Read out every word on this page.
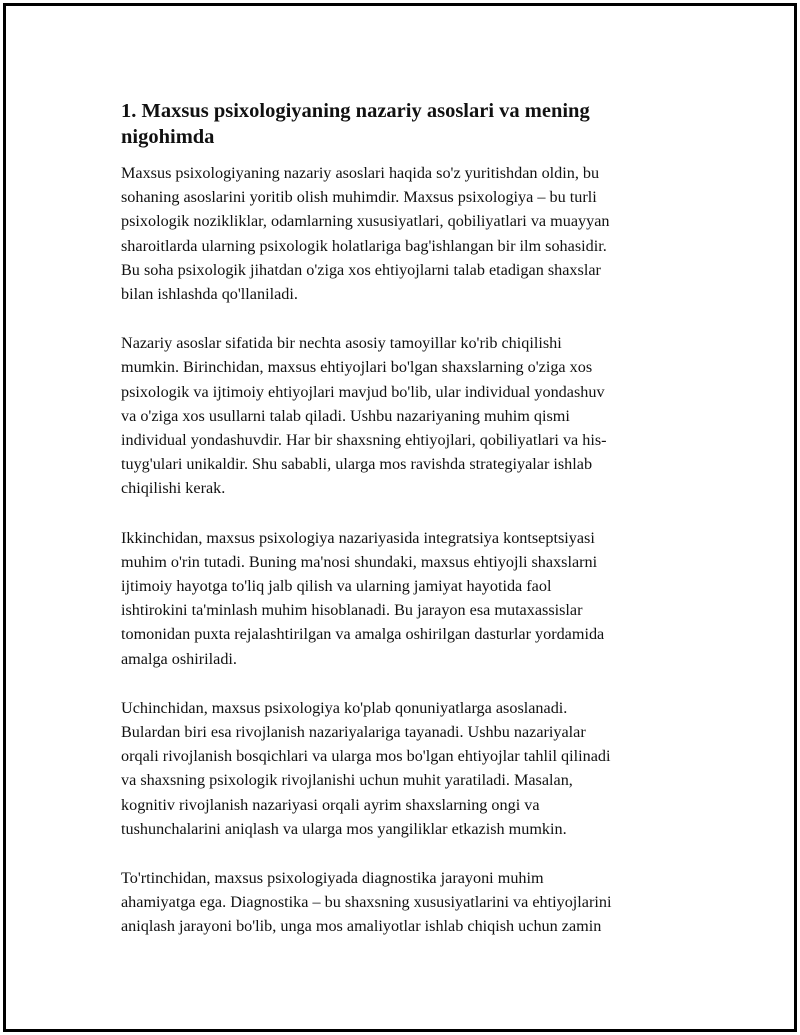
1. Maxsus psixologiyaning nazariy asoslari va mening
nigohimda

Maxsus psixologiyaning nazariy asoslari haqida so'z yuritishdan oldin, bu
sohaning asoslarini yoritib olish muhimdir. Maxsus psixologiya – bu turli
psixologik nozikliklar, odamlarning xususiyatlari, qobiliyatlari va muayyan
sharoitlarda ularning psixologik holatlariga bag'ishlangan bir ilm sohasidir.
Bu soha psixologik jihatdan o'ziga xos ehtiyojlarni talab etadigan shaxslar
bilan ishlashda qo'llaniladi.

Nazariy asoslar sifatida bir nechta asosiy tamoyillar ko'rib chiqilishi
mumkin. Birinchidan, maxsus ehtiyojlari bo'lgan shaxslarning o'ziga xos
psixologik va ijtimoiy ehtiyojlari mavjud bo'lib, ular individual yondashuv
va o'ziga xos usullarni talab qiladi. Ushbu nazariyaning muhim qismi
individual yondashuvdir. Har bir shaxsning ehtiyojlari, qobiliyatlari va his-
tuyg'ulari unikaldir. Shu sababli, ularga mos ravishda strategiyalar ishlab
chiqilishi kerak.

Ikkinchidan, maxsus psixologiya nazariyasida integratsiya kontseptsiyasi
muhim o'rin tutadi. Buning ma'nosi shundaki, maxsus ehtiyojli shaxslarni
ijtimoiy hayotga to'liq jalb qilish va ularning jamiyat hayotida faol
ishtirokini ta'minlash muhim hisoblanadi. Bu jarayon esa mutaxassislar
tomonidan puxta rejalashtirilgan va amalga oshirilgan dasturlar yordamida
amalga oshiriladi.

Uchinchidan, maxsus psixologiya ko'plab qonuniyatlarga asoslanadi.
Bulardan biri esa rivojlanish nazariyalariga tayanadi. Ushbu nazariyalar
orqali rivojlanish bosqichlari va ularga mos bo'lgan ehtiyojlar tahlil qilinadi
va shaxsning psixologik rivojlanishi uchun muhit yaratiladi. Masalan,
kognitiv rivojlanish nazariyasi orqali ayrim shaxslarning ongi va
tushunchalarini aniqlash va ularga mos yangiliklar etkazish mumkin.

To'rtinchidan, maxsus psixologiyada diagnostika jarayoni muhim
ahamiyatga ega. Diagnostika – bu shaxsning xususiyatlarini va ehtiyojlarini
aniqlash jarayoni bo'lib, unga mos amaliyotlar ishlab chiqish uchun zamin
